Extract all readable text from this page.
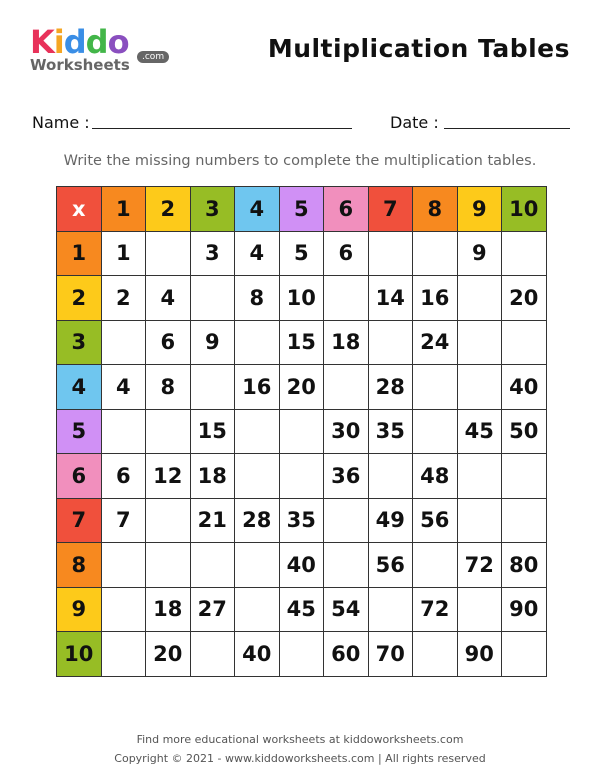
Kiddo
Worksheets	.com	Multiplication Tables
Name :	Date :
Write the missing numbers to complete the multiplication tables.
x	1	2	3	4	5	6	7	8	9	10
1	1		3	4	5	6			9	
2	2	4		8	10		14	16		20
3		6	9		15	18		24		
4	4	8		16	20		28			40
5			15			30	35		45	50
6	6	12	18			36		48		
7	7		21	28	35		49	56		
8					40		56		72	80
9		18	27		45	54		72		90
10		20		40		60	70		90	
Find more educational worksheets at kiddoworksheets.com
Copyright © 2021 - www.kiddoworksheets.com | All rights reserved
